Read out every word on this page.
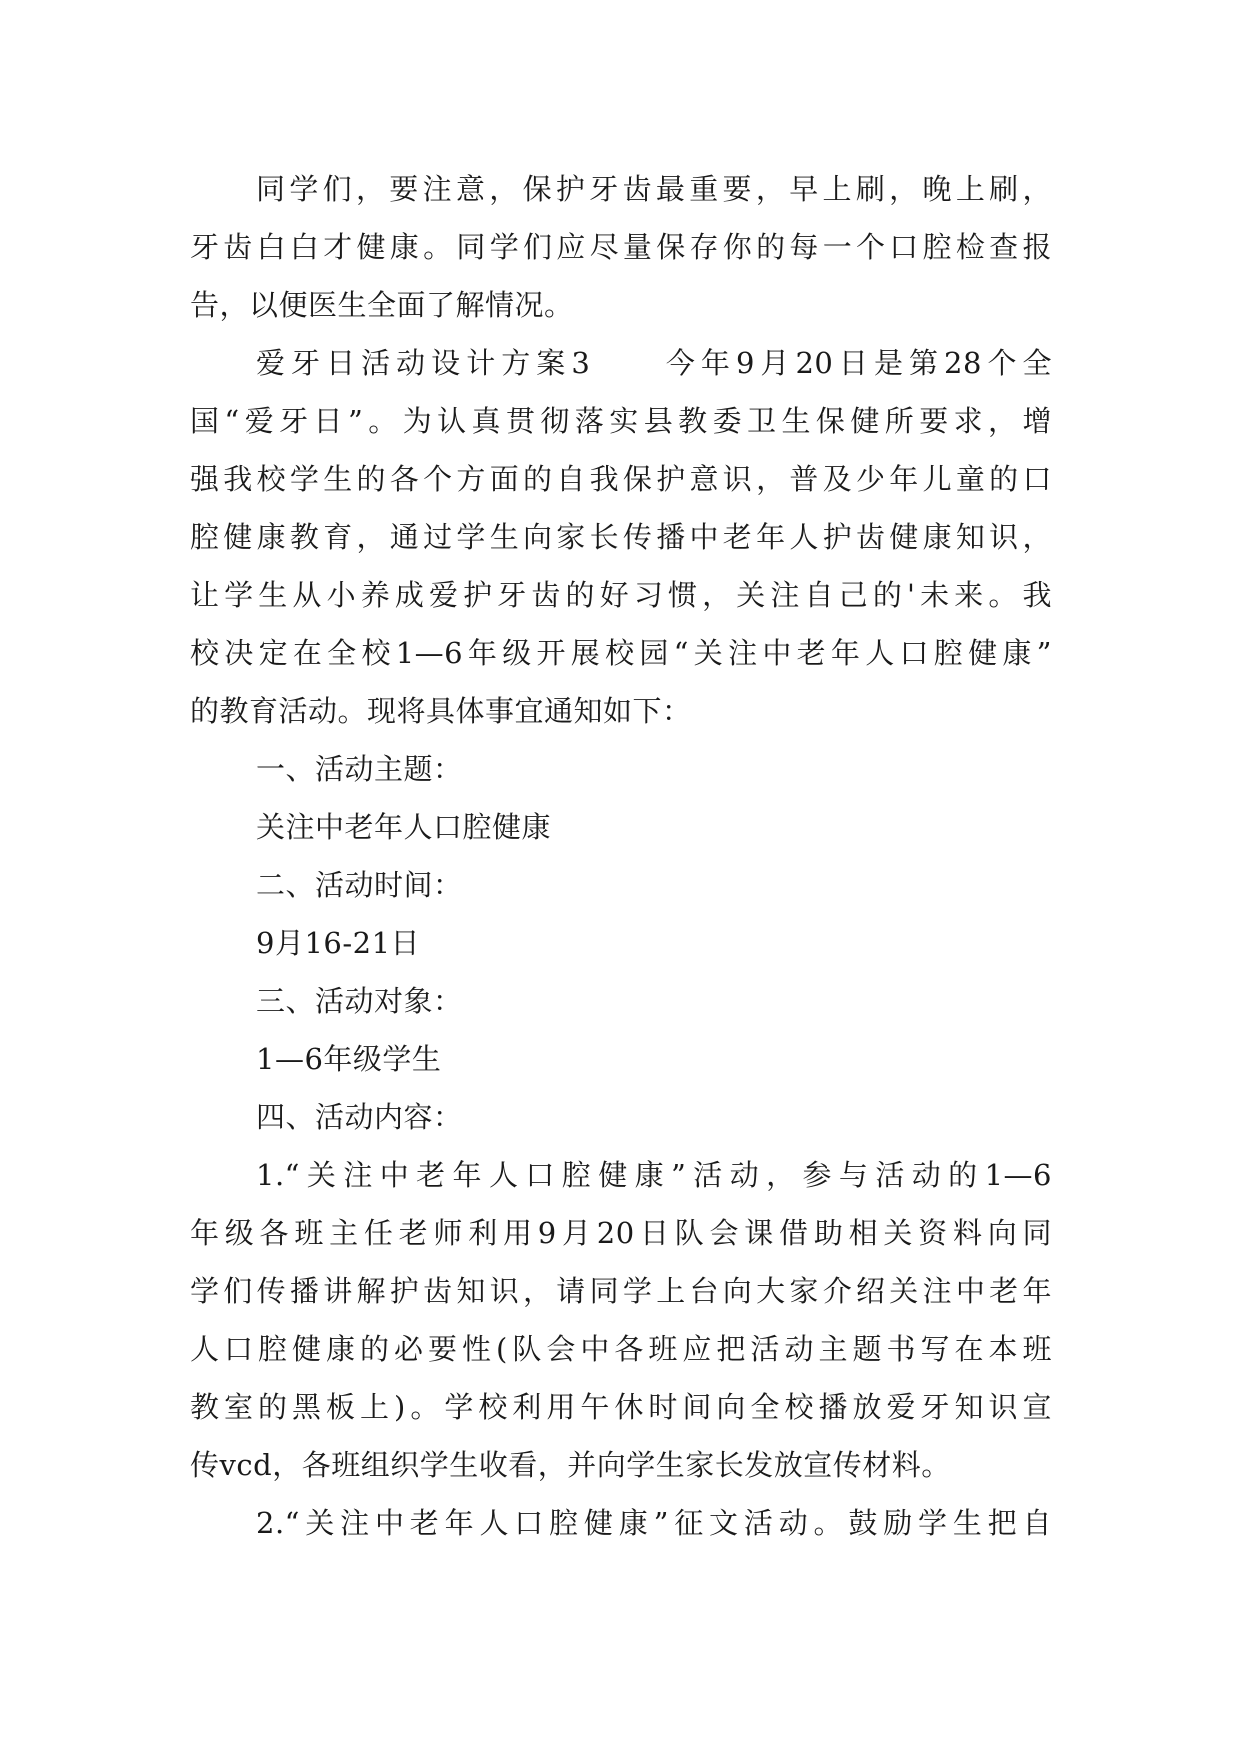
同学们，要注意，保护牙齿最重要，早上刷，晚上刷，
牙齿白白才健康。同学们应尽量保存你的每一个口腔检查报
告，以便医生全面了解情况。
爱牙日活动设计方案3　　今年9月20日是第28个全
国“爱牙日”。为认真贯彻落实县教委卫生保健所要求，增
强我校学生的各个方面的自我保护意识，普及少年儿童的口
腔健康教育，通过学生向家长传播中老年人护齿健康知识，
让学生从小养成爱护牙齿的好习惯，关注自己的'未来。我
校决定在全校1—6年级开展校园“关注中老年人口腔健康”
的教育活动。现将具体事宜通知如下：
一、活动主题：
关注中老年人口腔健康
二、活动时间：
9月16-21日
三、活动对象：
1—6年级学生
四、活动内容：
1.“关注中老年人口腔健康”活动，参与活动的1—6
年级各班主任老师利用9月20日队会课借助相关资料向同
学们传播讲解护齿知识，请同学上台向大家介绍关注中老年
人口腔健康的必要性(队会中各班应把活动主题书写在本班
教室的黑板上)。学校利用午休时间向全校播放爱牙知识宣
传vcd，各班组织学生收看，并向学生家长发放宣传材料。
2.“关注中老年人口腔健康”征文活动。鼓励学生把自
